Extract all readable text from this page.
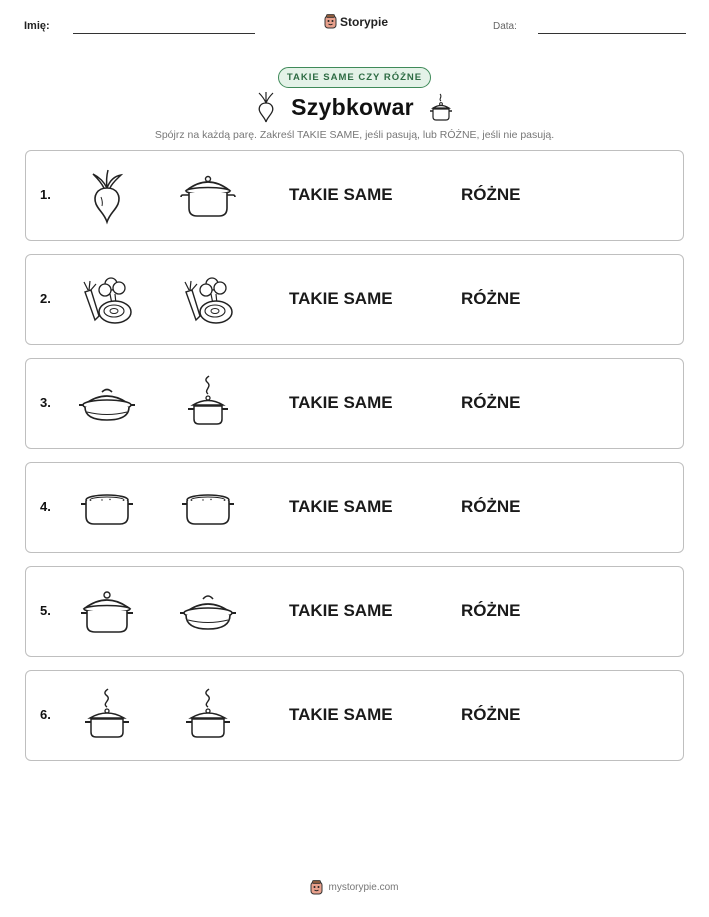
Imię:	Storypie	Data:
TAKIE SAME CZY RÓŻNE
Szybkowar
Spójrz na każdą parę. Zakreśl TAKIE SAME, jeśli pasują, lub RÓŻNE, jeśli nie pasują.
1.	TAKIE SAME	RÓŻNE
2.	TAKIE SAME	RÓŻNE
3.	TAKIE SAME	RÓŻNE
4.	TAKIE SAME	RÓŻNE
5.	TAKIE SAME	RÓŻNE
6.	TAKIE SAME	RÓŻNE
mystorypie.com
